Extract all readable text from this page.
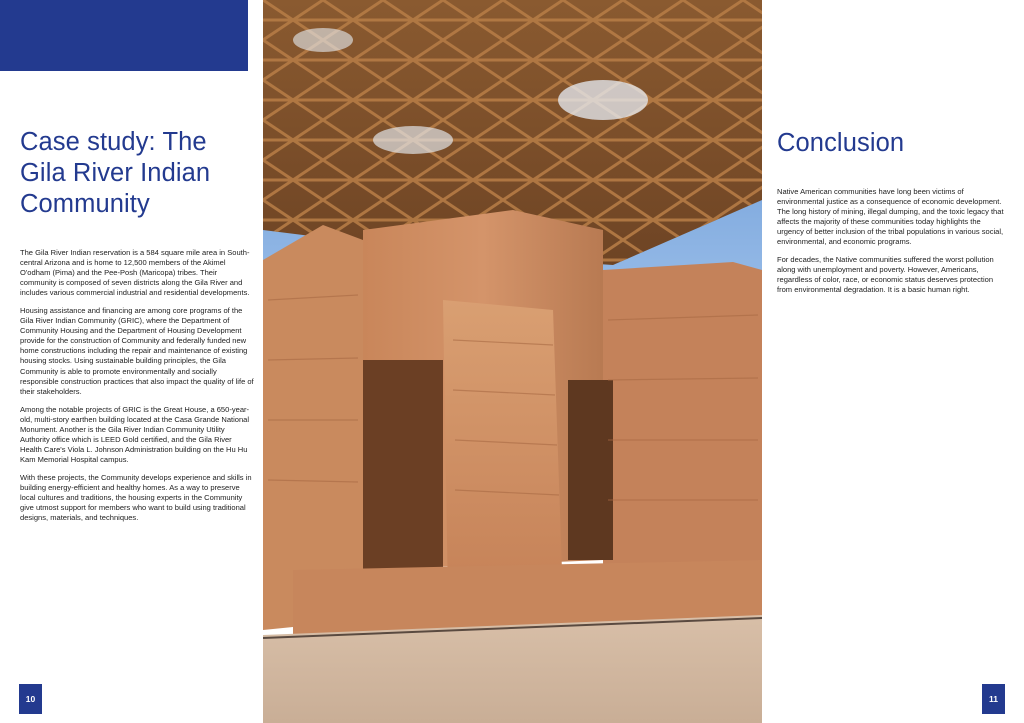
Case study: The
Gila River Indian
Community

The Gila River Indian reservation is a 584 square mile area in South-central Arizona and is home to 12,500 members of the Akimel O'odham (Pima) and the Pee-Posh (Maricopa) tribes. Their community is composed of seven districts along the Gila River and includes various commercial industrial and residential developments.

Housing assistance and financing are among core programs of the Gila River Indian Community (GRIC), where the Department of Community Housing and the Department of Housing Development provide for the construction of Community and federally funded new home constructions including the repair and maintenance of existing housing stocks. Using sustainable building principles, the Gila Community is able to promote environmentally and socially responsible construction practices that also impact the quality of life of their stakeholders.

Among the notable projects of GRIC is the Great House, a 650-year-old, multi-story earthen building located at the Casa Grande National Monument. Another is the Gila River Indian Community Utility Authority office which is LEED Gold certified, and the Gila River Health Care's Viola L. Johnson Administration building on the Hu Hu Kam Memorial Hospital campus.

With these projects, the Community develops experience and skills in building energy-efficient and healthy homes. As a way to preserve local cultures and traditions, the housing experts in the Community give utmost support for members who want to build using traditional designs, materials, and techniques.

10
Conclusion

Native American communities have long been victims of environmental justice as a consequence of economic development. The long history of mining, illegal dumping, and the toxic legacy that affects the majority of these communities today highlights the urgency of better inclusion of the tribal populations in various social, environmental, and economic programs.

For decades, the Native communities suffered the worst pollution along with unemployment and poverty. However, Americans, regardless of color, race, or economic status deserves protection from environmental degradation. It is a basic human right.

11
